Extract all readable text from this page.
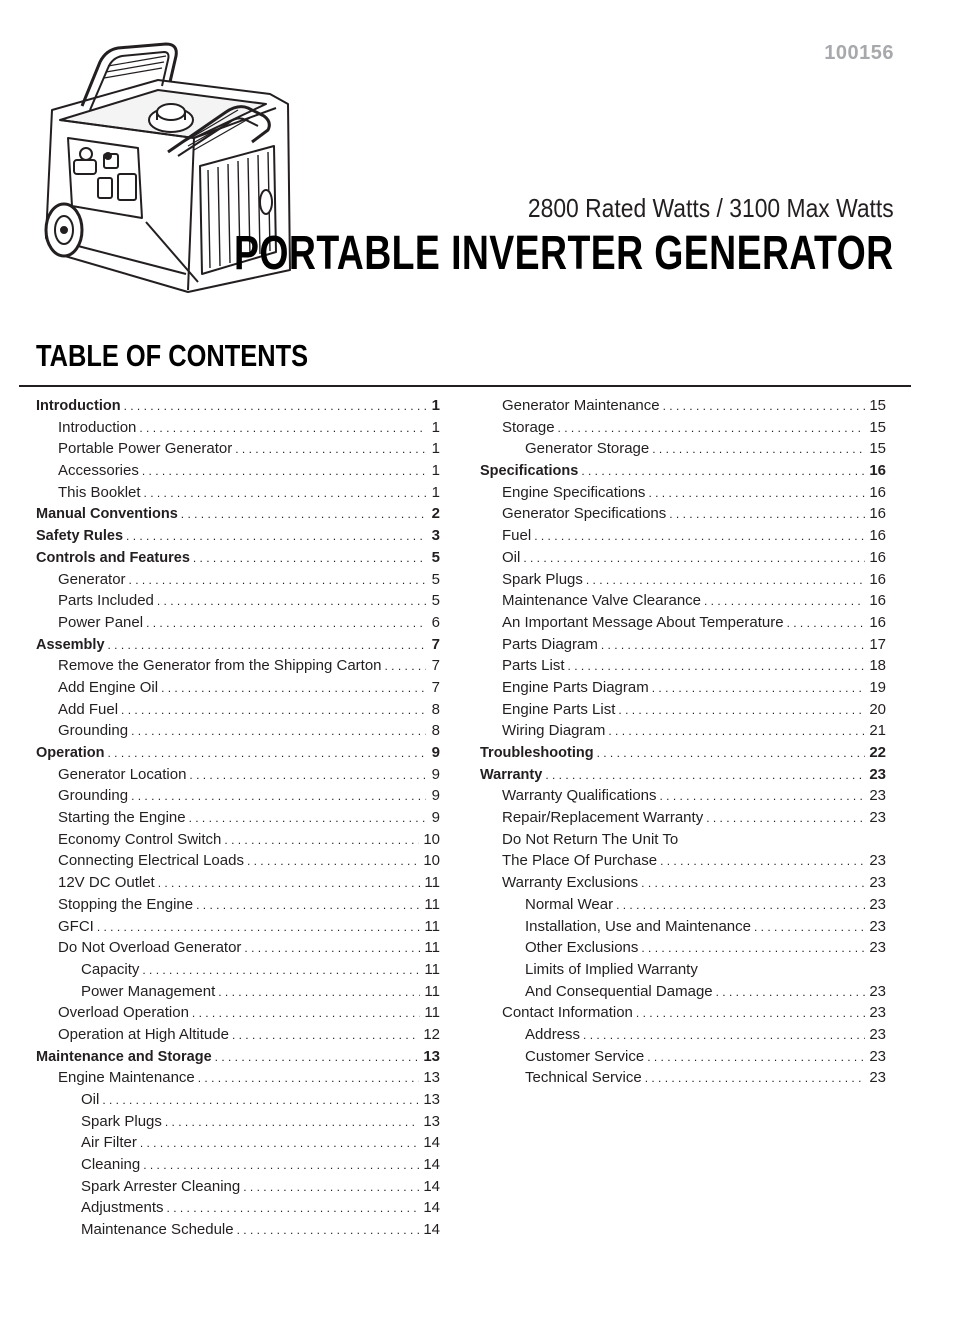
100156
2800 Rated Watts / 3100 Max Watts
PORTABLE INVERTER GENERATOR
TABLE OF CONTENTS
Introduction . . .	1
Introduction . . .	1
Portable Power Generator . . .	1
Accessories . . .	1
This Booklet . . .	1
Manual Conventions . . .	2
Safety Rules . . .	3
Controls and Features . . .	5
Generator . . .	5
Parts Included . . .	5
Power Panel . . .	6
Assembly . . .	7
Remove the Generator from the Shipping Carton . . .	7
Add Engine Oil . . .	7
Add Fuel . . .	8
Grounding . . .	8
Operation . . .	9
Generator Location . . .	9
Grounding . . .	9
Starting the Engine . . .	9
Economy Control Switch . . .	10
Connecting Electrical Loads . . .	10
12V DC Outlet . . .	11
Stopping the Engine . . .	11
GFCI . . .	11
Do Not Overload Generator . . .	11
Capacity . . .	11
Power Management . . .	11
Overload Operation . . .	11
Operation at High Altitude . . .	12
Maintenance and Storage . . .	13
Engine Maintenance . . .	13
Oil . . .	13
Spark Plugs . . .	13
Air Filter . . .	14
Cleaning . . .	14
Spark Arrester Cleaning . . .	14
Adjustments . . .	14
Maintenance Schedule . . .	14
Generator Maintenance . . .	15
Storage . . .	15
Generator Storage . . .	15
Specifications . . .	16
Engine Specifications . . .	16
Generator Specifications . . .	16
Fuel . . .	16
Oil . . .	16
Spark Plugs . . .	16
Maintenance Valve Clearance . . .	16
An Important Message About Temperature . . .	16
Parts Diagram . . .	17
Parts List . . .	18
Engine Parts Diagram . . .	19
Engine Parts List . . .	20
Wiring Diagram . . .	21
Troubleshooting . . .	22
Warranty . . .	23
Warranty Qualifications . . .	23
Repair/Replacement Warranty . . .	23
Do Not Return The Unit To
The Place Of Purchase . . .	23
Warranty Exclusions . . .	23
Normal Wear . . .	23
Installation, Use and Maintenance . . .	23
Other Exclusions . . .	23
Limits of Implied Warranty
And Consequential Damage . . .	23
Contact Information . . .	23
Address . . .	23
Customer Service . . .	23
Technical Service . . .	23
